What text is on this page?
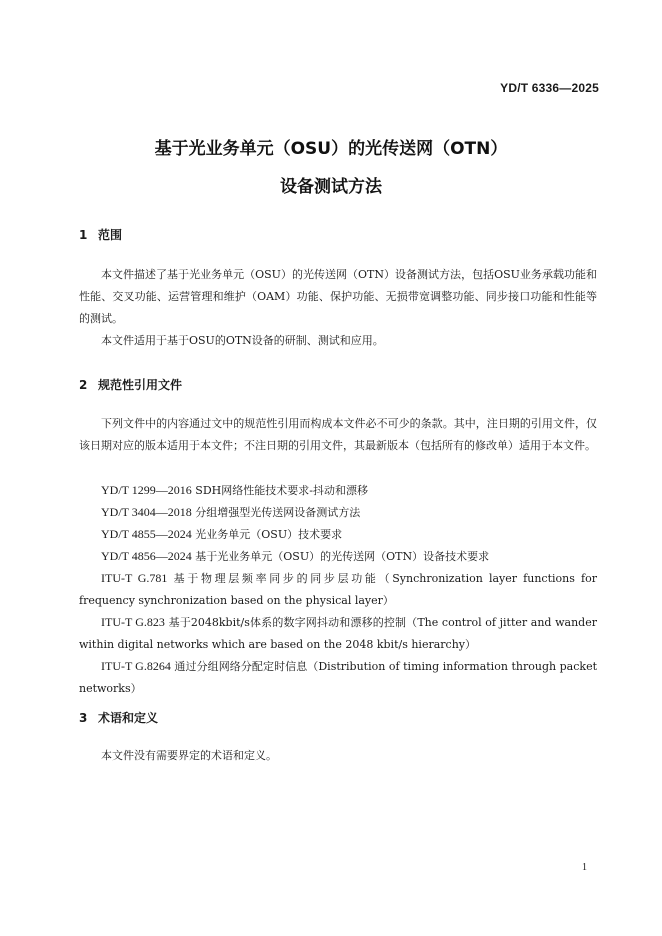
YD/T 6336—2025
基于光业务单元（OSU）的光传送网（OTN）
设备测试方法
1 范围

本文件描述了基于光业务单元（OSU）的光传送网（OTN）设备测试方法，包括OSU业务承载功能和性能、交叉功能、运营管理和维护（OAM）功能、保护功能、无损带宽调整功能、同步接口功能和性能等的测试。

本文件适用于基于OSU的OTN设备的研制、测试和应用。

2 规范性引用文件

下列文件中的内容通过文中的规范性引用而构成本文件必不可少的条款。其中，注日期的引用文件，仅该日期对应的版本适用于本文件；不注日期的引用文件，其最新版本（包括所有的修改单）适用于本文件。

YD/T 1299—2016 SDH网络性能技术要求-抖动和漂移

YD/T 3404—2018 分组增强型光传送网设备测试方法

YD/T 4855—2024 光业务单元（OSU）技术要求

YD/T 4856—2024 基于光业务单元（OSU）的光传送网（OTN）设备技术要求

ITU-T G.781 基于物理层频率同步的同步层功能（Synchronization layer functions for frequency synchronization based on the physical layer）

ITU-T G.823 基于2048kbit/s体系的数字网抖动和漂移的控制（The control of jitter and wander within digital networks which are based on the 2048 kbit/s hierarchy）

ITU-T G.8264 通过分组网络分配定时信息（Distribution of timing information through packet networks）

3 术语和定义

本文件没有需要界定的术语和定义。

1
